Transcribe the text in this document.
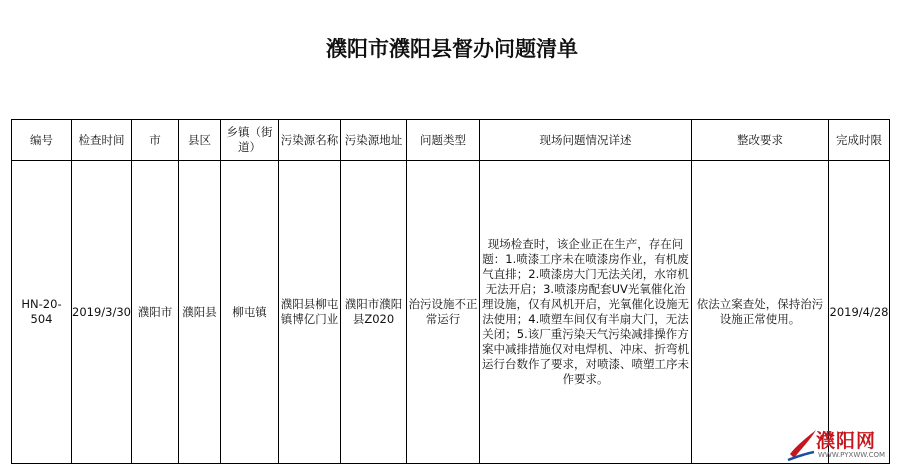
濮阳市濮阳县督办问题清单
编号	检查时间	市	县区	乡镇（街道）	污染源名称	污染源地址	问题类型	现场问题情况详述	整改要求	完成时限
HN-20-504	2019/3/30	濮阳市	濮阳县	柳屯镇	濮阳县柳屯镇博亿门业	濮阳市濮阳县Z020	治污设施不正常运行	现场检查时，该企业正在生产，存在问题：1.喷漆工序未在喷漆房作业，有机废气直排；2.喷漆房大门无法关闭，水帘机无法开启；3.喷漆房配套UV光氧催化治理设施，仅有风机开启，光氧催化设施无法使用；4.喷塑车间仅有半扇大门，无法关闭；5.该厂重污染天气污染减排操作方案中减排措施仅对电焊机、冲床、折弯机运行台数作了要求，对喷漆、喷塑工序未作要求。	依法立案查处，保持治污设施正常使用。	2019/4/28
濮阳网
WWW.PYXWW.COM
